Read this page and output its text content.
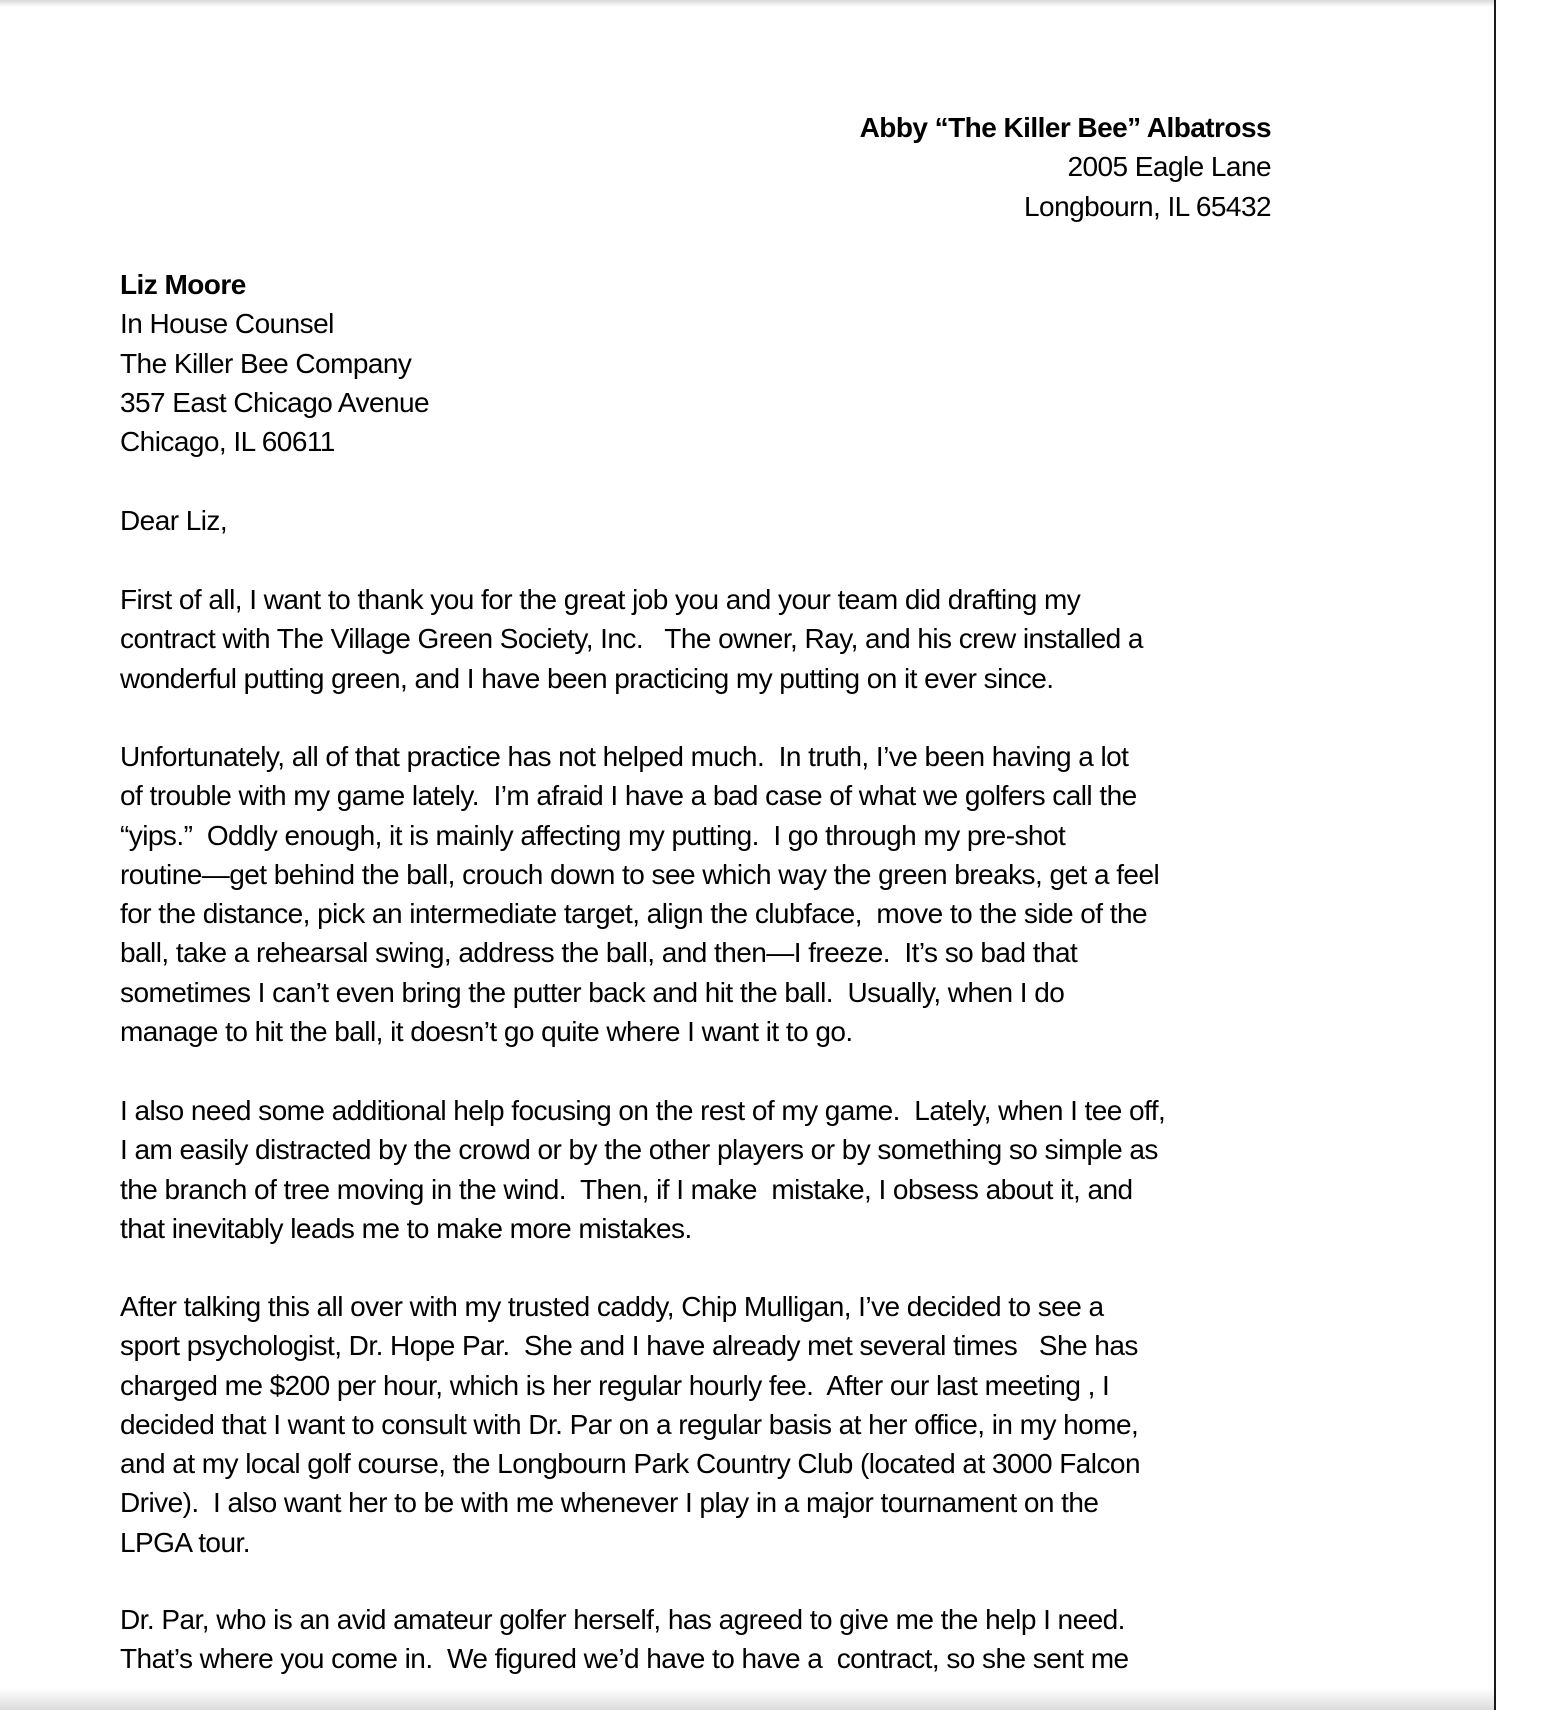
Abby “The Killer Bee” Albatross
2005 Eagle Lane
Longbourn, IL 65432
Liz Moore
In House Counsel
The Killer Bee Company
357 East Chicago Avenue
Chicago, IL 60611
Dear Liz,
First of all, I want to thank you for the great job you and your team did drafting my
contract with The Village Green Society, Inc.   The owner, Ray, and his crew installed a
wonderful putting green, and I have been practicing my putting on it ever since.
Unfortunately, all of that practice has not helped much.  In truth, I’ve been having a lot
of trouble with my game lately.  I’m afraid I have a bad case of what we golfers call the
“yips.”  Oddly enough, it is mainly affecting my putting.  I go through my pre-shot
routine—get behind the ball, crouch down to see which way the green breaks, get a feel
for the distance, pick an intermediate target, align the clubface,  move to the side of the
ball, take a rehearsal swing, address the ball, and then—I freeze.  It’s so bad that
sometimes I can’t even bring the putter back and hit the ball.  Usually, when I do
manage to hit the ball, it doesn’t go quite where I want it to go.
I also need some additional help focusing on the rest of my game.  Lately, when I tee off,
I am easily distracted by the crowd or by the other players or by something so simple as
the branch of tree moving in the wind.  Then, if I make  mistake, I obsess about it, and
that inevitably leads me to make more mistakes.
After talking this all over with my trusted caddy, Chip Mulligan, I’ve decided to see a
sport psychologist, Dr. Hope Par.  She and I have already met several times   She has
charged me $200 per hour, which is her regular hourly fee.  After our last meeting , I
decided that I want to consult with Dr. Par on a regular basis at her office, in my home,
and at my local golf course, the Longbourn Park Country Club (located at 3000 Falcon
Drive).  I also want her to be with me whenever I play in a major tournament on the
LPGA tour.
Dr. Par, who is an avid amateur golfer herself, has agreed to give me the help I need.
That’s where you come in.  We figured we’d have to have a  contract, so she sent me
